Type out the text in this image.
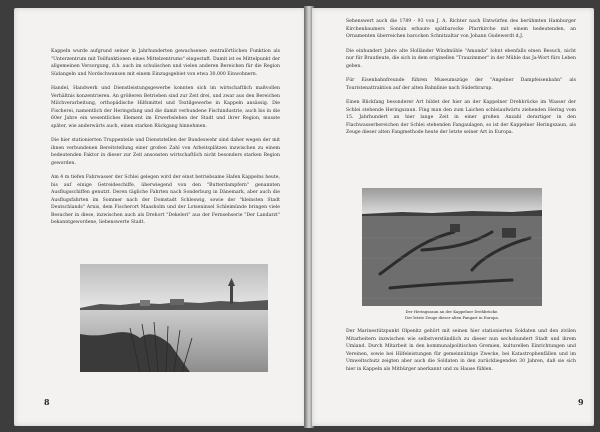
Kappeln wurde aufgrund seiner in Jahrhunderten gewachsenen zentralörtlichen Funktion als "Unterzentrum mit Teilfunktionen eines Mittelzentrums" eingestuft. Damit ist es Mittelpunkt der allgemeinen Versorgung, d.h. auch im schulischen und vielen anderen Bereichen für die Region Südangeln und Nordschwansen mit einem Einzugsgebiet von etwa 30.000 Einwohnern.

Handel, Handwerk und Dienstleistungsgewerbe konnten sich im wirtschaftlich maßvollen Verhältnis konzentrieren. An größeren Betrieben sind zur Zeit drei, und zwar aus den Bereichen Milchverarbeitung, orthopädische Hilfsmittel und Textilgewerbe in Kappeln ansässig. Die Fischerei, namentlich der Heringsfang und die damit verbundene Fischindustrie, auch bis in die 60er Jahre ein wesentliches Element im Erwerbsleben der Stadt und ihrer Region, musste später, wie anderwärts auch, einen starken Rückgang hinnehmen.

Die hier stationierten Truppenteile und Dienststellen der Bundeswehr sind daher wegen der mit ihnen verbundenen Bereitstellung einer großen Zahl von Arbeitsplätzen inzwischen zu einem bedeutenden Faktor in dieser zur Zeit ansonsten wirtschaftlich nicht besonders starken Region geworden.

Am 4 m tiefen Fahrwasser der Schlei gelegen wird der einst betriebsame Hafen Kappelns heute, bis auf einige Getreideschiffe, überwiegend von den "Butterdampfern" genannten Ausflugsschiffen genutzt. Deren tägliche Fahrten nach Sonderburg in Dänemark, aber auch die Ausflugsfahrten im Sommer nach der Domstadt Schleswig, sowie der "kleinsten Stadt Deutschlands" Arnis, dem Fischerort Maasholm und der Lotseninsel Schleimünde bringen viele Besucher in diese, inzwischen auch als Drehort "Dekeleri" aus der Fernsehserie "Der Landarzt" bekanntgewordene, liebenswerte Stadt.

8

Sehenswert auch die 1789 - 93 von J. A. Richter nach Entwürfen des berühmten Hamburger Kirchenbaumers Sonnin erbaute spätbarocke Pfarrkirche mit einem bedeutenden, an Ornamenten überreichen barocken Schnitzaltar von Johann Gudewerdt d.J.

Die einhundert Jahre alte Holländer Windmühle "Amanda" lohnt ebenfalls einen Besuch, nicht nur für Brautleute, die sich in dem originellen "Trauzimmer" in der Mühle das Ja-Wort fürs Leben geben.

Für Eisenbahnfreunde führen Museumszüge der "Angelner Dampfeisenbahn" als Touristenattraktion auf der alten Bahnlinie nach Süderbrarup.

Einen Blickfang besonderer Art bildet der hier an der Kappelner Drehbrücke im Wasser der Schlei stehende Heringszaun. Fing man den zum Laichen schleiaufwärts ziehenden Hering vom 15. Jahrhundert an hier lange Zeit in einer großen Anzahl derartiger in den Flachwasserbereichen der Schlei stehenden Fangaulagen, so ist der Kappelner Heringszaun, als Zeuge dieser alten Fangmethode heute der letzte seiner Art in Europa.

Der Heringszaun an der Kappelner Drehbrücke.
Der letzte Zeuge dieser alten Fangart in Europa.

Der Marinestützpunkt Olpenitz gehört mit seinen hier stationierten Soldaten und den zivilen Mitarbeitern inzwischen wie selbstverständlich zu dieser nun sechshundert Stadt und ihrem Umland. Durch Mitarbeit in den kommunalpolitischen Gremien, kulturellen Einrichtungen und Vereinen, sowie bei Hilfeleistungen für gemeinnützige Zwecke, bei Katastrophenfällen und im Umweltschutz zeigten aber auch die Soldaten in den zurückliegenden 30 Jahren, daß sie sich hier in Kappeln als Mitbürger anerkannt und zu Hause fühlen.

9
